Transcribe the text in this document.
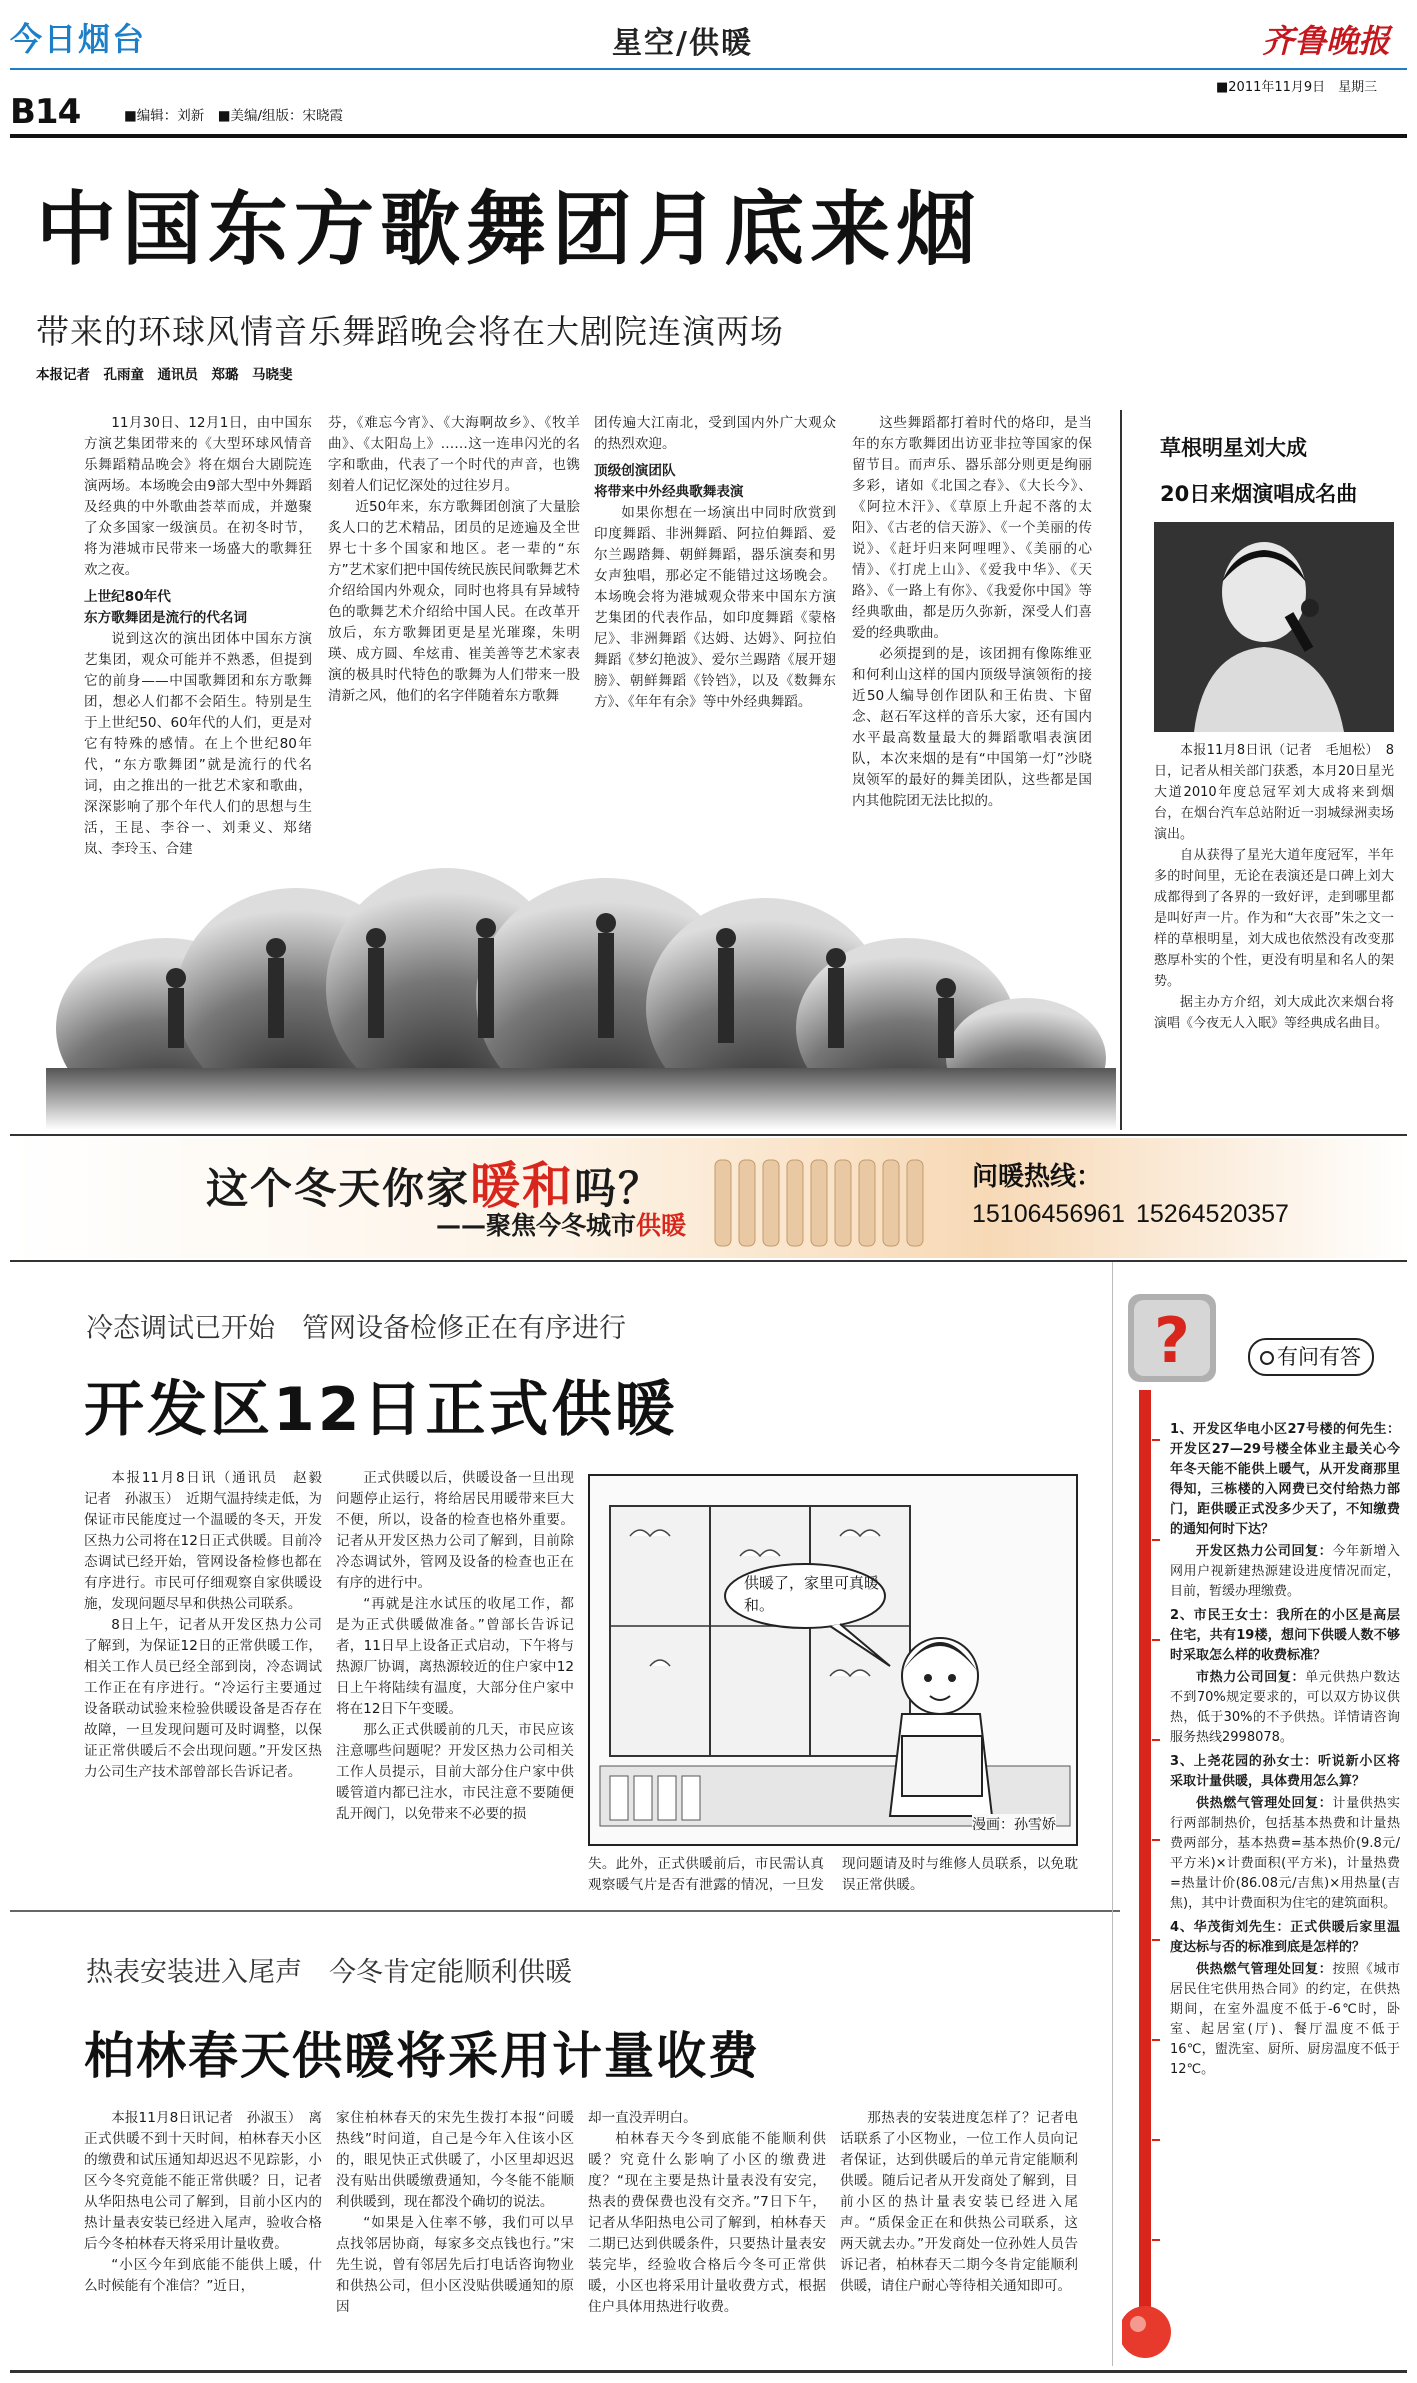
今日烟台	星空/供暖	齐鲁晚报
■2011年11月9日　星期三
B14	■编辑：刘新　■美编/组版：宋晓霞
中国东方歌舞团月底来烟
带来的环球风情音乐舞蹈晚会将在大剧院连演两场
本报记者　孔雨童　通讯员　郑璐　马晓斐

11月30日、12月1日，由中国东方演艺集团带来的《大型环球风情音乐舞蹈精品晚会》将在烟台大剧院连演两场。本场晚会由9部大型中外舞蹈及经典的中外歌曲荟萃而成，并邀聚了众多国家一级演员。在初冬时节，将为港城市民带来一场盛大的歌舞狂欢之夜。

上世纪80年代

东方歌舞团是流行的代名词

说到这次的演出团体中国东方演艺集团，观众可能并不熟悉，但提到它的前身——中国歌舞团和东方歌舞团，想必人们都不会陌生。特别是生于上世纪50、60年代的人们，更是对它有特殊的感情。在上个世纪80年代，“东方歌舞团”就是流行的代名词，由之推出的一批艺术家和歌曲，深深影响了那个年代人们的思想与生活，王昆、李谷一、刘秉义、郑绪岚、李玲玉、合建

芬，《难忘今宵》、《大海啊故乡》、《牧羊曲》、《太阳岛上》……这一连串闪光的名字和歌曲，代表了一个时代的声音，也镌刻着人们记忆深处的过往岁月。

近50年来，东方歌舞团创演了大量脍炙人口的艺术精品，团员的足迹遍及全世界七十多个国家和地区。老一辈的“东方”艺术家们把中国传统民族民间歌舞艺术介绍给国内外观众，同时也将具有异域特色的歌舞艺术介绍给中国人民。在改革开放后，东方歌舞团更是星光璀璨，朱明瑛、成方圆、牟炫甫、崔美善等艺术家表演的极具时代特色的歌舞为人们带来一股清新之风，他们的名字伴随着东方歌舞

团传遍大江南北，受到国内外广大观众的热烈欢迎。

顶级创演团队

将带来中外经典歌舞表演

如果你想在一场演出中同时欣赏到印度舞蹈、非洲舞蹈、阿拉伯舞蹈、爱尔兰踢踏舞、朝鲜舞蹈，器乐演奏和男女声独唱，那必定不能错过这场晚会。本场晚会将为港城观众带来中国东方演艺集团的代表作品，如印度舞蹈《蒙格尼》、非洲舞蹈《达姆、达姆》、阿拉伯舞蹈《梦幻艳波》、爱尔兰踢踏《展开翅膀》、朝鲜舞蹈《铃铛》，以及《数舞东方》、《年年有余》等中外经典舞蹈。

这些舞蹈都打着时代的烙印，是当年的东方歌舞团出访亚非拉等国家的保留节目。而声乐、器乐部分则更是绚丽多彩，诸如《北国之春》、《大长今》、《阿拉木汗》、《草原上升起不落的太阳》、《古老的信天游》、《一个美丽的传说》、《赶圩归来阿哩哩》、《美丽的心情》、《打虎上山》、《爱我中华》、《天路》、《一路上有你》、《我爱你中国》等经典歌曲，都是历久弥新，深受人们喜爱的经典歌曲。

必须提到的是，该团拥有像陈维亚和何利山这样的国内顶级导演领衔的接近50人编导创作团队和王佑贵、卞留念、赵石军这样的音乐大家，还有国内水平最高数量最大的舞蹈歌唱表演团队，本次来烟的是有“中国第一灯”沙晓岚领军的最好的舞美团队，这些都是国内其他院团无法比拟的。

草根明星刘大成
20日来烟演唱成名曲

本报11月8日讯（记者　毛旭松）　8日，记者从相关部门获悉，本月20日星光大道2010年度总冠军刘大成将来到烟台，在烟台汽车总站附近一羽城绿洲卖场演出。

自从获得了星光大道年度冠军，半年多的时间里，无论在表演还是口碑上刘大成都得到了各界的一致好评，走到哪里都是叫好声一片。作为和“大衣哥”朱之文一样的草根明星，刘大成也依然没有改变那憨厚朴实的个性，更没有明星和名人的架势。

据主办方介绍，刘大成此次来烟台将演唱《今夜无人入眠》等经典成名曲目。

这个冬天你家暖和吗？
——聚焦今冬城市供暖
问暖热线：
15106456961 15264520357
冷态调试已开始　管网设备检修正在有序进行
开发区12日正式供暖

本报11月8日讯（通讯员　赵毅　记者　孙淑玉）　近期气温持续走低，为保证市民能度过一个温暖的冬天，开发区热力公司将在12日正式供暖。目前冷态调试已经开始，管网设备检修也都在有序进行。市民可仔细观察自家供暖设施，发现问题尽早和供热公司联系。

8日上午，记者从开发区热力公司了解到，为保证12日的正常供暖工作，相关工作人员已经全部到岗，冷态调试工作正在有序进行。“冷运行主要通过设备联动试验来检验供暖设备是否存在故障，一旦发现问题可及时调整，以保证正常供暖后不会出现问题。”开发区热力公司生产技术部曾部长告诉记者。

正式供暖以后，供暖设备一旦出现问题停止运行，将给居民用暖带来巨大不便，所以，设备的检查也格外重要。记者从开发区热力公司了解到，目前除冷态调试外，管网及设备的检查也正在有序的进行中。

“再就是注水试压的收尾工作，都是为正式供暖做准备。”曾部长告诉记者，11日早上设备正式启动，下午将与热源厂协调，离热源较近的住户家中12日上午将陆续有温度，大部分住户家中将在12日下午变暖。

那么正式供暖前的几天，市民应该注意哪些问题呢？开发区热力公司相关工作人员提示，目前大部分住户家中供暖管道内都已注水，市民注意不要随便乱开阀门，以免带来不必要的损

供暖了，家里可真暖和。
漫画：孙雪娇

失。此外，正式供暖前后，市民需认真观察暖气片是否有泄露的情况，一旦发现问题请及时与维修人员联系，以免耽误正常供暖。

热表安装进入尾声　今冬肯定能顺利供暖
柏林春天供暖将采用计量收费

本报11月8日讯记者　孙淑玉）　离正式供暖不到十天时间，柏林春天小区的缴费和试压通知却迟迟不见踪影，小区今冬究竟能不能正常供暖？日，记者从华阳热电公司了解到，目前小区内的热计量表安装已经进入尾声，验收合格后今冬柏林春天将采用计量收费。

“小区今年到底能不能供上暖，什么时候能有个准信？”近日，

家住柏林春天的宋先生拨打本报“问暖热线”时问道，自己是今年入住该小区的，眼见快正式供暖了，小区里却迟迟没有贴出供暖缴费通知，今冬能不能顺利供暖到，现在都没个确切的说法。

“如果是入住率不够，我们可以早点找邻居协商，每家多交点钱也行。”宋先生说，曾有邻居先后打电话咨询物业和供热公司，但小区没贴供暖通知的原因

却一直没弄明白。

柏林春天今冬到底能不能顺利供暖？究竟什么影响了小区的缴费进度？“现在主要是热计量表没有安完，热表的费保费也没有交齐。”7日下午，记者从华阳热电公司了解到，柏林春天二期已达到供暖条件，只要热计量表安装完毕，经验收合格后今冬可正常供暖，小区也将采用计量收费方式，根据住户具体用热进行收费。

那热表的安装进度怎样了？记者电话联系了小区物业，一位工作人员向记者保证，达到供暖后的单元肯定能顺利供暖。随后记者从开发商处了解到，目前小区的热计量表安装已经进入尾声。“质保金正在和供热公司联系，这两天就去办。”开发商处一位孙姓人员告诉记者，柏林春天二期今冬肯定能顺利供暖，请住户耐心等待相关通知即可。

?	有问有答

1、开发区华电小区27号楼的何先生：开发区27—29号楼全体业主最关心今年冬天能不能供上暖气，从开发商那里得知，三栋楼的入网费已交付给热力部门，距供暖正式没多少天了，不知缴费的通知何时下达？

开发区热力公司回复：今年新增入网用户视新建热源建设进度情况而定，目前，暂缓办理缴费。

2、市民王女士：我所在的小区是高层住宅，共有19楼，想问下供暖人数不够时采取怎么样的收费标准？

市热力公司回复：单元供热户数达不到70%规定要求的，可以双方协议供热，低于30%的不予供热。详情请咨询服务热线2998078。

3、上尧花园的孙女士：听说新小区将采取计量供暖，具体费用怎么算？

供热燃气管理处回复：计量供热实行两部制热价，包括基本热费和计量热费两部分，基本热费=基本热价(9.8元/平方米)×计费面积(平方米)，计量热费=热量计价(86.08元/吉焦)×用热量(吉焦)，其中计费面积为住宅的建筑面积。

4、华茂街刘先生：正式供暖后家里温度达标与否的标准到底是怎样的？

供热燃气管理处回复：按照《城市居民住宅供用热合同》的约定，在供热期间，在室外温度不低于-6℃时，卧室、起居室(厅)、餐厅温度不低于16℃，盥洗室、厨所、厨房温度不低于12℃。
